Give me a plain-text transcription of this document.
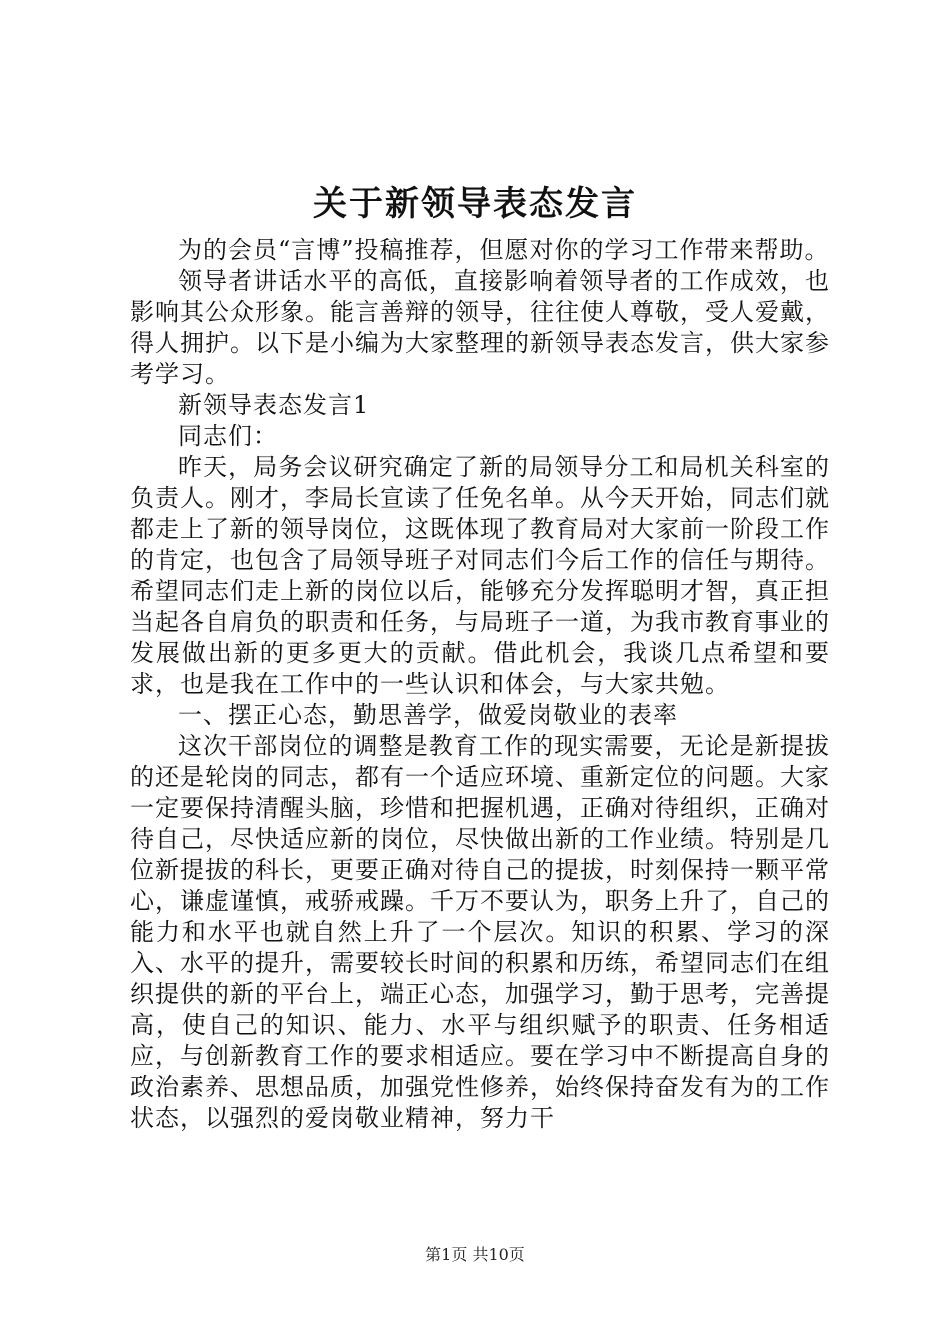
关于新领导表态发言

为的会员“言博”投稿推荐，但愿对你的学习工作带来帮助。

领导者讲话水平的高低，直接影响着领导者的工作成效，也影响其公众形象。能言善辩的领导，往往使人尊敬，受人爱戴，得人拥护。以下是小编为大家整理的新领导表态发言，供大家参考学习。

新领导表态发言1

同志们：

昨天，局务会议研究确定了新的局领导分工和局机关科室的负责人。刚才，李局长宣读了任免名单。从今天开始，同志们就都走上了新的领导岗位，这既体现了教育局对大家前一阶段工作的肯定，也包含了局领导班子对同志们今后工作的信任与期待。希望同志们走上新的岗位以后，能够充分发挥聪明才智，真正担当起各自肩负的职责和任务，与局班子一道，为我市教育事业的发展做出新的更多更大的贡献。借此机会，我谈几点希望和要求，也是我在工作中的一些认识和体会，与大家共勉。

一、摆正心态，勤思善学，做爱岗敬业的表率

这次干部岗位的调整是教育工作的现实需要，无论是新提拔的还是轮岗的同志，都有一个适应环境、重新定位的问题。大家一定要保持清醒头脑，珍惜和把握机遇，正确对待组织，正确对待自己，尽快适应新的岗位，尽快做出新的工作业绩。特别是几位新提拔的科长，更要正确对待自己的提拔，时刻保持一颗平常心，谦虚谨慎，戒骄戒躁。千万不要认为，职务上升了，自己的能力和水平也就自然上升了一个层次。知识的积累、学习的深入、水平的提升，需要较长时间的积累和历练，希望同志们在组织提供的新的平台上，端正心态，加强学习，勤于思考，完善提高，使自己的知识、能力、水平与组织赋予的职责、任务相适应，与创新教育工作的要求相适应。要在学习中不断提高自身的政治素养、思想品质，加强党性修养，始终保持奋发有为的工作状态，以强烈的爱岗敬业精神，努力干

第1页 共10页
